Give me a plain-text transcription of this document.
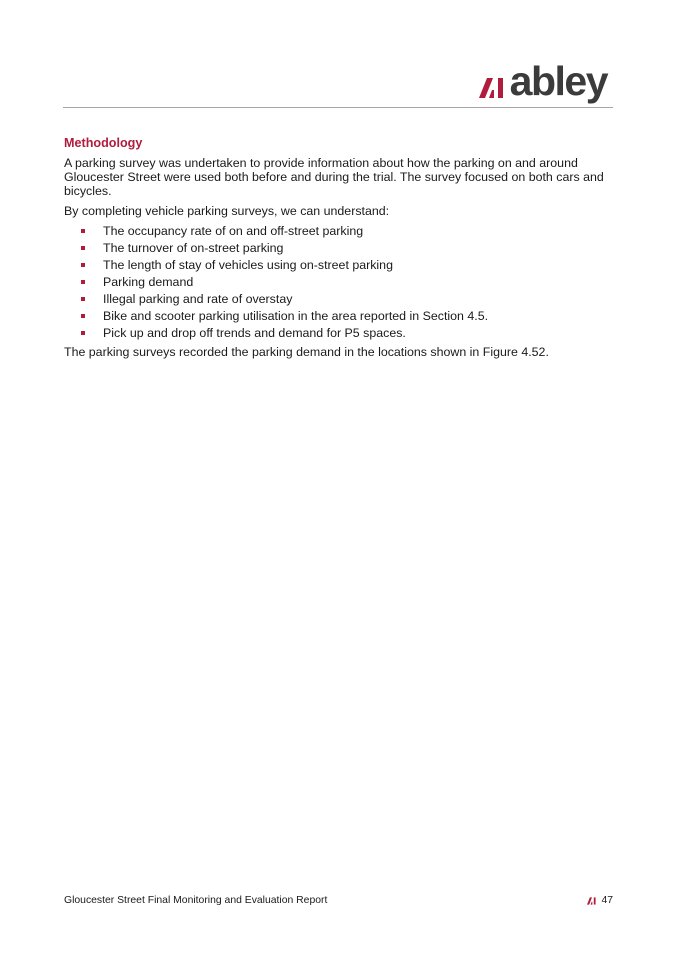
abley
Methodology

A parking survey was undertaken to provide information about how the parking on and around Gloucester Street were used both before and during the trial. The survey focused on both cars and bicycles.

By completing vehicle parking surveys, we can understand:

The occupancy rate of on and off-street parking
The turnover of on-street parking
The length of stay of vehicles using on-street parking
Parking demand
Illegal parking and rate of overstay
Bike and scooter parking utilisation in the area reported in Section 4.5.
Pick up and drop off trends and demand for P5 spaces.

The parking surveys recorded the parking demand in the locations shown in Figure 4.52.

Gloucester Street Final Monitoring and Evaluation Report	47
